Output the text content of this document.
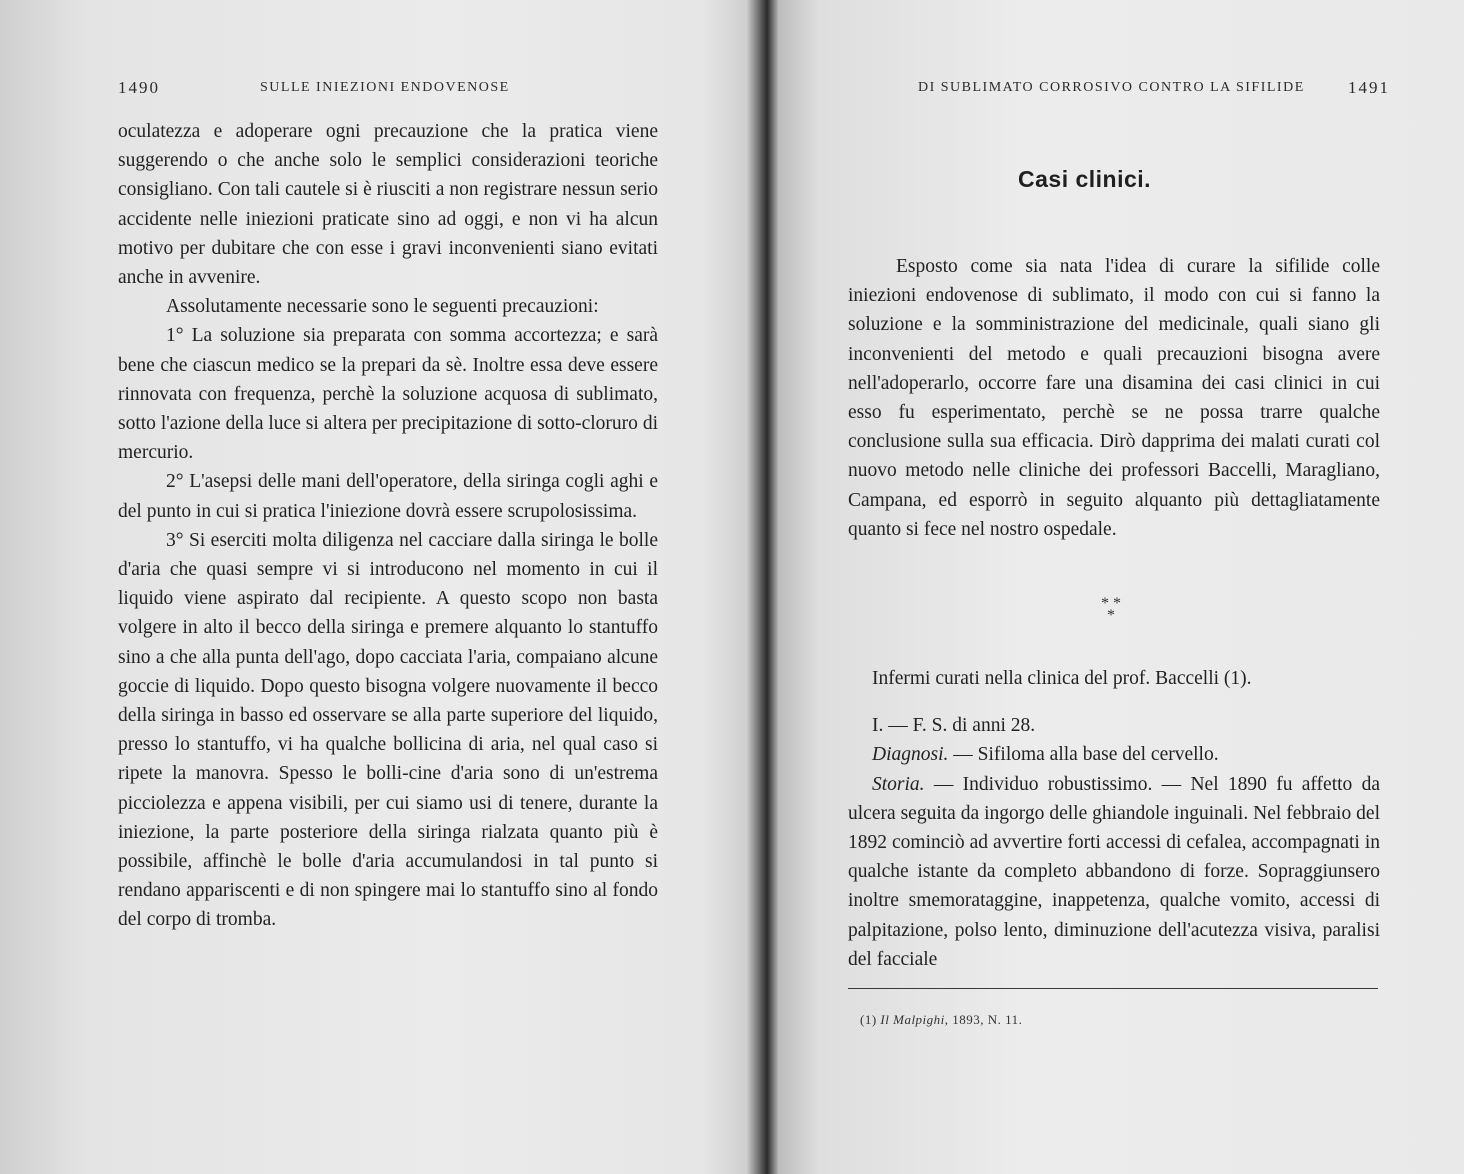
1490	SULLE INIEZIONI ENDOVENOSE

oculatezza e adoperare ogni precauzione che la pratica viene suggerendo o che anche solo le semplici considerazioni teoriche consigliano. Con tali cautele si è riusciti a non registrare nessun serio accidente nelle iniezioni praticate sino ad oggi, e non vi ha alcun motivo per dubitare che con esse i gravi inconvenienti siano evitati anche in avvenire.

Assolutamente necessarie sono le seguenti precauzioni:

1° La soluzione sia preparata con somma accortezza; e sarà bene che ciascun medico se la prepari da sè. Inoltre essa deve essere rinnovata con frequenza, perchè la soluzione acquosa di sublimato, sotto l'azione della luce si altera per precipitazione di sotto-cloruro di mercurio.

2° L'asepsi delle mani dell'operatore, della siringa cogli aghi e del punto in cui si pratica l'iniezione dovrà essere scrupolosissima.

3° Si eserciti molta diligenza nel cacciare dalla siringa le bolle d'aria che quasi sempre vi si introducono nel momento in cui il liquido viene aspirato dal recipiente. A questo scopo non basta volgere in alto il becco della siringa e premere alquanto lo stantuffo sino a che alla punta dell'ago, dopo cacciata l'aria, compaiano alcune goccie di liquido. Dopo questo bisogna volgere nuovamente il becco della siringa in basso ed osservare se alla parte superiore del liquido, presso lo stantuffo, vi ha qualche bollicina di aria, nel qual caso si ripete la manovra. Spesso le bolli-cine d'aria sono di un'estrema picciolezza e appena visibili, per cui siamo usi di tenere, durante la iniezione, la parte posteriore della siringa rialzata quanto più è possibile, affinchè le bolle d'aria accumulandosi in tal punto si rendano appariscenti e di non spingere mai lo stantuffo sino al fondo del corpo di tromba.

DI SUBLIMATO CORROSIVO CONTRO LA SIFILIDE	1491
Casi clinici.

Esposto come sia nata l'idea di curare la sifilide colle iniezioni endovenose di sublimato, il modo con cui si fanno la soluzione e la somministrazione del medicinale, quali siano gli inconvenienti del metodo e quali precauzioni bisogna avere nell'adoperarlo, occorre fare una disamina dei casi clinici in cui esso fu esperimentato, perchè se ne possa trarre qualche conclusione sulla sua efficacia. Dirò dapprima dei malati curati col nuovo metodo nelle cliniche dei professori Baccelli, Maragliano, Campana, ed esporrò in seguito alquanto più dettagliatamente quanto si fece nel nostro ospedale.

* * *

Infermi curati nella clinica del prof. Baccelli (1).

I. — F. S. di anni 28.

Diagnosi. — Sifiloma alla base del cervello.

Storia. — Individuo robustissimo. — Nel 1890 fu affetto da ulcera seguita da ingorgo delle ghiandole inguinali. Nel febbraio del 1892 cominciò ad avvertire forti accessi di cefalea, accompagnati in qualche istante da completo abbandono di forze. Sopraggiunsero inoltre smemorataggine, inappetenza, qualche vomito, accessi di palpitazione, polso lento, diminuzione dell'acutezza visiva, paralisi del facciale

(1) Il Malpighi, 1893, N. 11.
